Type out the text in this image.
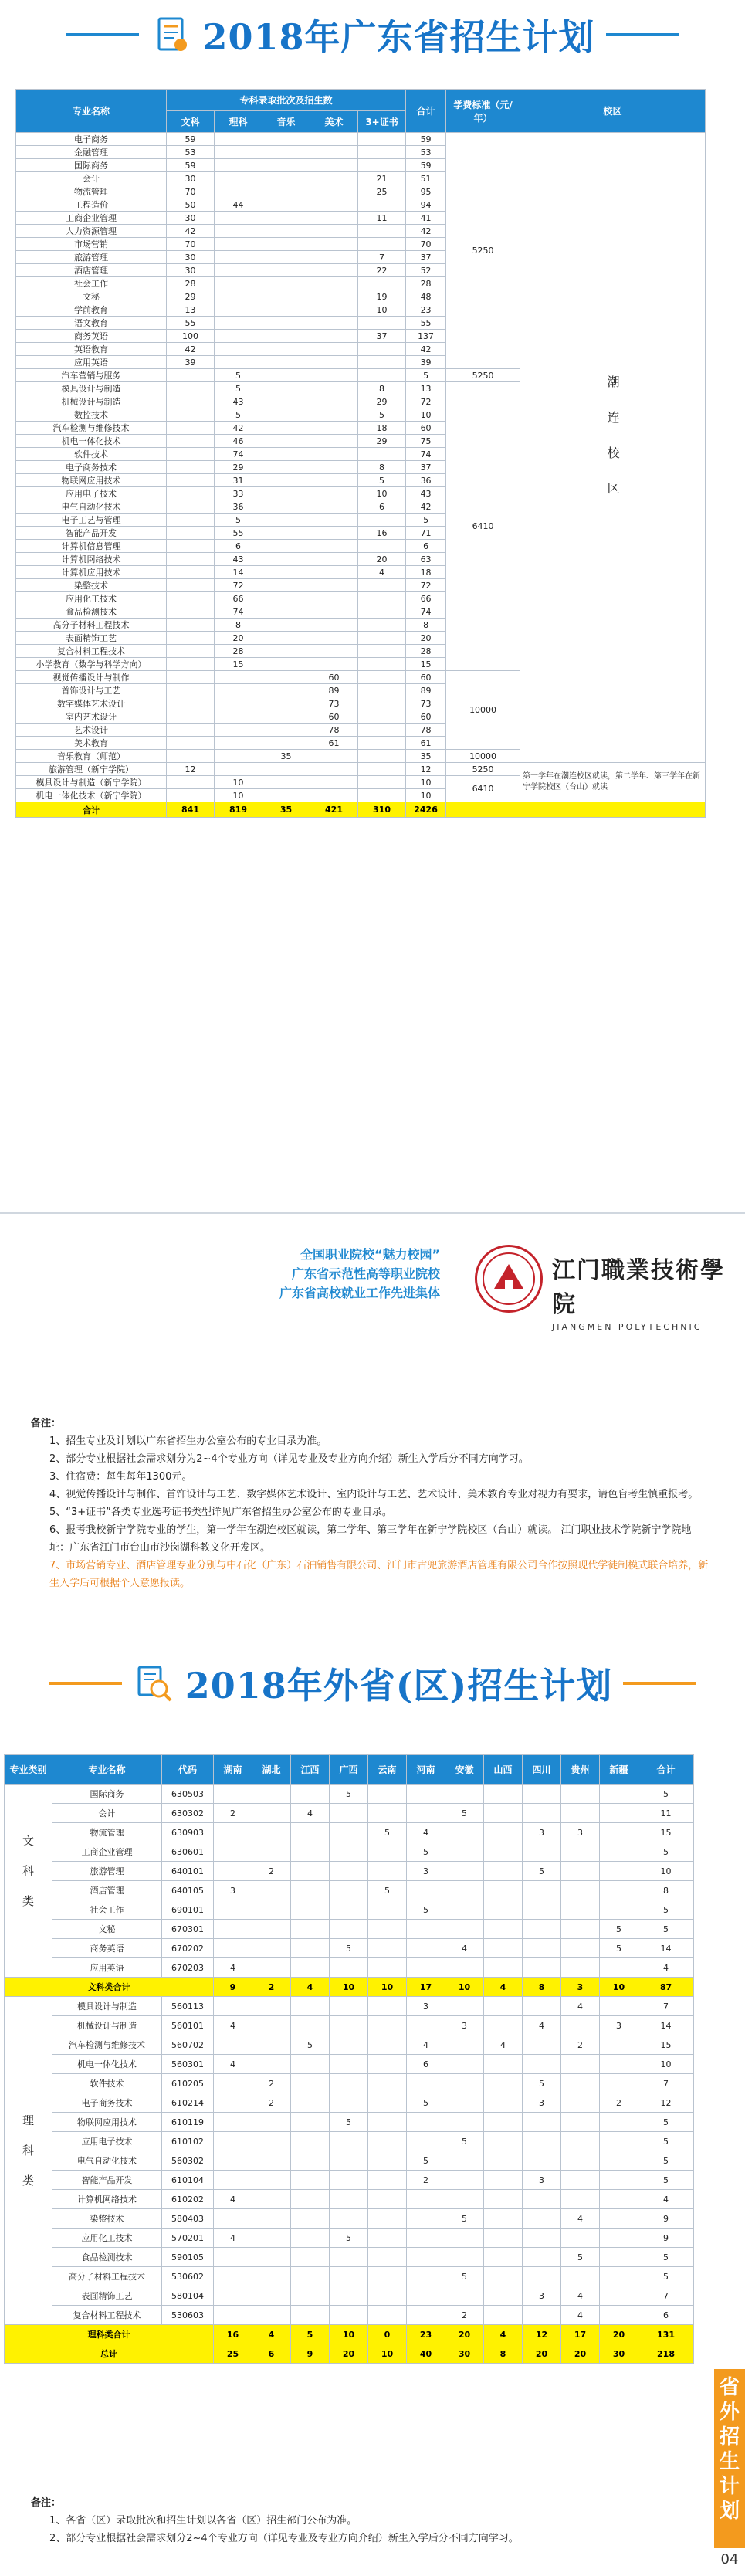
2018年广东省招生计划
专业名称	专科录取批次及招生数					合计	学费标准（元/年）	校区
	文科	理科	音乐	美术	3+证书			
电子商务	59					59	5250	潮连校区
金融管理	53					53		
国际商务	59					59		
会计	30				21	51		
物流管理	70				25	95		
工程造价	50	44				94		
工商企业管理	30				11	41		
人力资源管理	42					42		
市场营销	70					70		
旅游管理	30				7	37		
酒店管理	30				22	52		
社会工作	28					28		
文秘	29				19	48		
学前教育	13				10	23		
语文教育	55					55		
商务英语	100				37	137		
英语教育	42					42		
应用英语	39					39		
汽车营销与服务		5				5	5250	
模具设计与制造		5			8	13	6410	
机械设计与制造		43			29	72		
数控技术		5			5	10		
汽车检测与维修技术		42			18	60		
机电一体化技术		46			29	75		
软件技术		74				74		
电子商务技术		29			8	37		
物联网应用技术		31			5	36		
应用电子技术		33			10	43		
电气自动化技术		36			6	42		
电子工艺与管理		5				5		
智能产品开发		55			16	71		
计算机信息管理		6				6		
计算机网络技术		43			20	63		
计算机应用技术		14			4	18		
染整技术		72				72		
应用化工技术		66				66		
食品检测技术		74				74		
高分子材料工程技术		8				8		
表面精饰工艺		20				20		
复合材料工程技术		28				28		
小学教育（数学与科学方向）		15				15		
视觉传播设计与制作				60		60	10000	
首饰设计与工艺				89		89		
数字媒体艺术设计				73		73		
室内艺术设计				60		60		
艺术设计				78		78		
美术教育				61		61		
音乐教育（师范）			35			35	10000	
旅游管理（新宁学院）	12					12	5250	第一学年在潮连校区就读，第二学年、第三学年在新宁学院校区（台山）就读
模具设计与制造（新宁学院）		10				10	6410	
机电一体化技术（新宁学院）		10				10		
合计	841	819	35	421	310	2426		
全国职业院校“魅力校园”
广东省示范性高等职业院校
广东省高校就业工作先进集体
江门職業技術學院
JIANGMEN POLYTECHNIC

备注：

1、招生专业及计划以广东省招生办公室公布的专业目录为准。

2、部分专业根据社会需求划分为2~4个专业方向（详见专业及专业方向介绍）新生入学后分不同方向学习。

3、住宿费：每生每年1300元。

4、视觉传播设计与制作、首饰设计与工艺、数字媒体艺术设计、室内设计与工艺、艺术设计、美术教育专业对视力有要求，请色盲考生慎重报考。

5、“3+证书”各类专业选考证书类型详见广东省招生办公室公布的专业目录。

6、报考我校新宁学院专业的学生，第一学年在潮连校区就读，第二学年、第三学年在新宁学院校区（台山）就读。 江门职业技术学院新宁学院地址：广东省江门市台山市沙岗湖科教文化开发区。

7、市场营销专业、酒店管理专业分别与中石化（广东）石油销售有限公司、江门市古兜旅游酒店管理有限公司合作按照现代学徒制模式联合培养，新生入学后可根据个人意愿报读。

2018年外省(区)招生计划
专业类别	专业名称	代码	湖南	湖北	江西	广西	云南	河南	安徽	山西	四川	贵州	新疆	合计
文科类	国际商务	630503				5								5
	会计	630302	2		4				5					11
	物流管理	630903					5	4			3	3		15
	工商企业管理	630601						5						5
	旅游管理	640101		2				3			5			10
	酒店管理	640105	3				5							8
	社会工作	690101						5						5
	文秘	670301											5	5
	商务英语	670202				5			4				5	14
	应用英语	670203	4											4
文科类合计			9	2	4	10	10	17	10	4	8	3	10	87
理科类	模具设计与制造	560113						3				4		7
	机械设计与制造	560101	4						3		4		3	14
	汽车检测与维修技术	560702			5			4		4		2		15
	机电一体化技术	560301	4					6						10
	软件技术	610205		2							5			7
	电子商务技术	610214		2				5			3		2	12
	物联网应用技术	610119				5								5
	应用电子技术	610102							5					5
	电气自动化技术	560302						5						5
	智能产品开发	610104						2			3			5
	计算机网络技术	610202	4											4
	染整技术	580403							5			4		9
	应用化工技术	570201	4			5								9
	食品检测技术	590105										5		5
	高分子材料工程技术	530602							5					5
	表面精饰工艺	580104									3	4		7
	复合材料工程技术	530603							2			4		6
理科类合计			16	4	5	10	0	23	20	4	12	17	20	131
总计			25	6	9	20	10	40	30	8	20	20	30	218

备注：

1、各省（区）录取批次和招生计划以各省（区）招生部门公布为准。

2、部分专业根据社会需求划分2~4个专业方向（详见专业及专业方向介绍）新生入学后分不同方向学习。

省外招生计划
04
